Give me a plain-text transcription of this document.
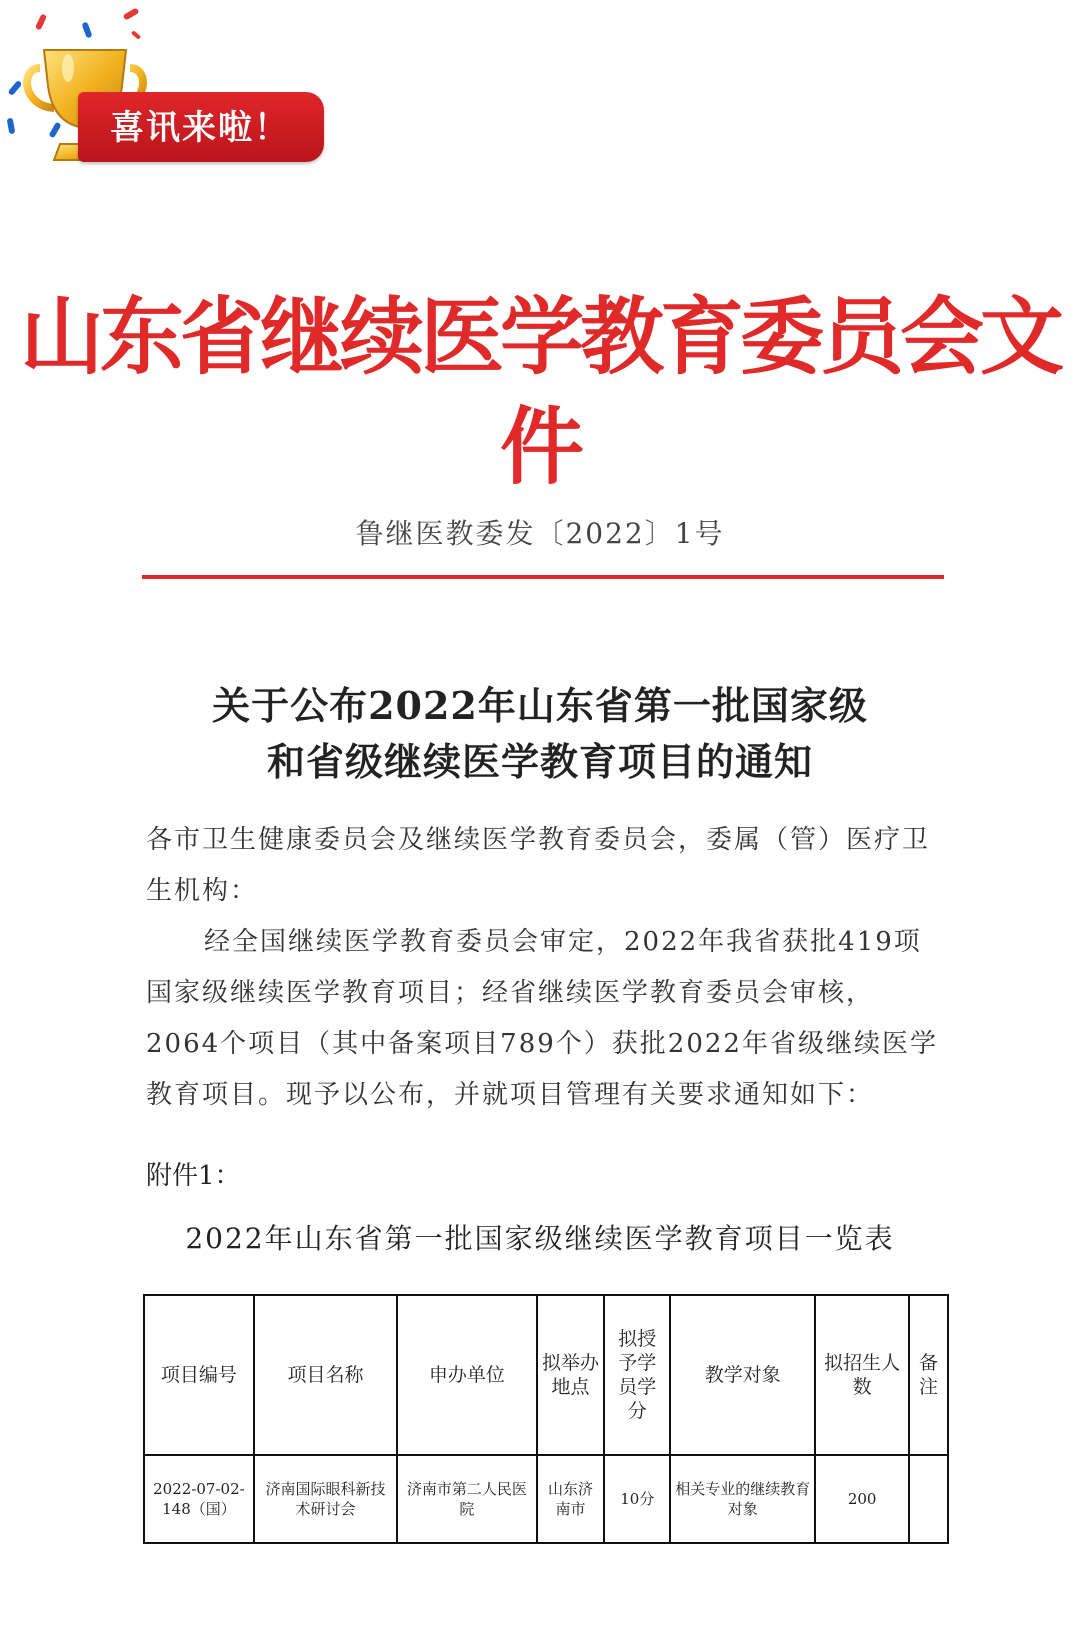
喜讯来啦！
山东省继续医学教育委员会文件
鲁继医教委发〔2022〕1号
关于公布2022年山东省第一批国家级
和省级继续医学教育项目的通知
各市卫生健康委员会及继续医学教育委员会，委属（管）医疗卫生机构：
经全国继续医学教育委员会审定，2022年我省获批419项国家级继续医学教育项目；经省继续医学教育委员会审核，2064个项目（其中备案项目789个）获批2022年省级继续医学教育项目。现予以公布，并就项目管理有关要求通知如下：
附件1：
2022年山东省第一批国家级继续医学教育项目一览表
项目编号	项目名称	申办单位	拟举办地点	拟授予学员学分	教学对象	拟招生人数	备注
2022-07-02-148（国）	济南国际眼科新技术研讨会	济南市第二人民医院	山东济南市	10分	相关专业的继续教育对象	200	
